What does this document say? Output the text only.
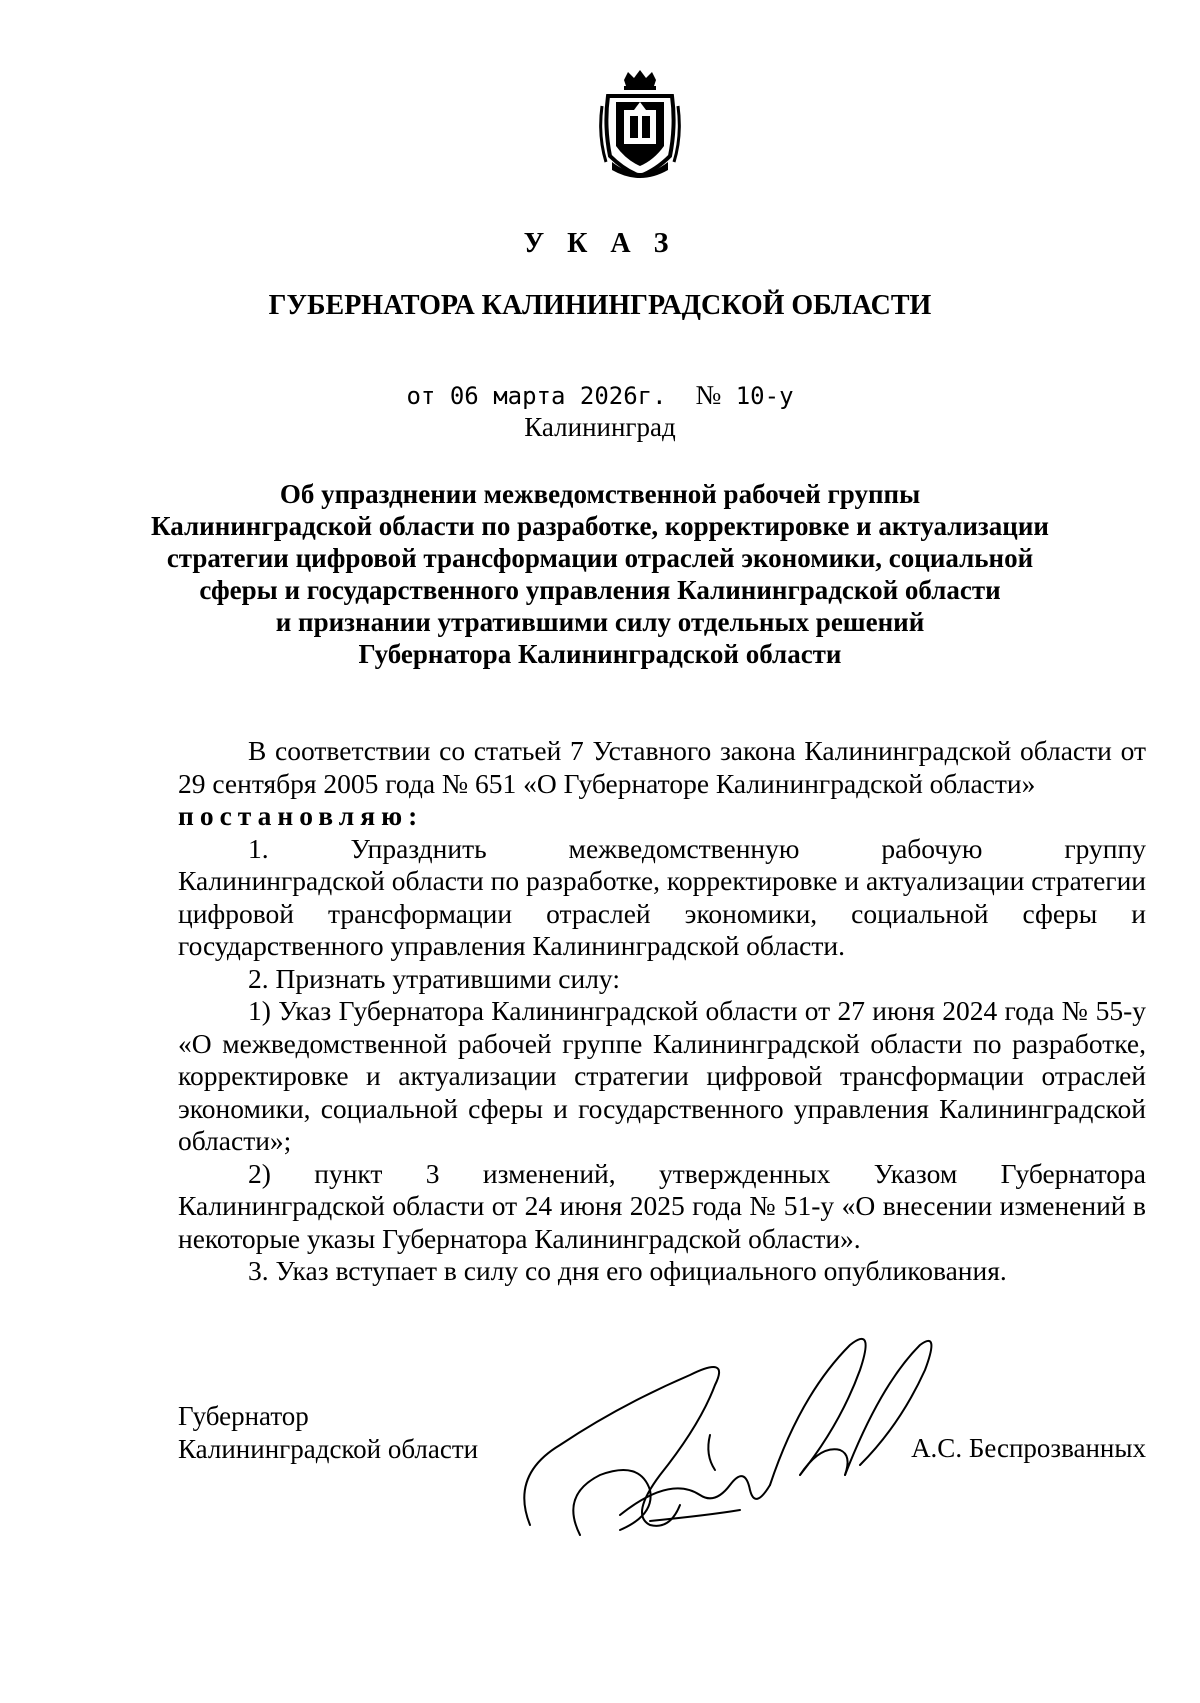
У К А З
ГУБЕРНАТОРА КАЛИНИНГРАДСКОЙ ОБЛАСТИ
от 06 марта 2026г. № 10-у
Калининград
Об упразднении межведомственной рабочей группы
Калининградской области по разработке, корректировке и актуализации
стратегии цифровой трансформации отраслей экономики, социальной
сферы и государственного управления Калининградской области
и признании утратившими силу отдельных решений
Губернатора Калининградской области

В соответствии со статьей 7 Уставного закона Калининградской области от 29 сентября 2005 года № 651 «О Губернаторе Калининградской области»

постановляю:

1. Упразднить межведомственную рабочую группу

Калининградской области по разработке, корректировке и актуализации стратегии цифровой трансформации отраслей экономики, социальной сферы и государственного управления Калининградской области.

2. Признать утратившими силу:

1) Указ Губернатора Калининградской области от 27 июня 2024 года № 55-у «О межведомственной рабочей группе Калининградской области по разработке, корректировке и актуализации стратегии цифровой трансформации отраслей экономики, социальной сферы и государственного управления Калининградской области»;

2) пункт 3 изменений, утвержденных Указом Губернатора

Калининградской области от 24 июня 2025 года № 51-у «О внесении изменений в некоторые указы Губернатора Калининградской области».

3. Указ вступает в силу со дня его официального опубликования.

Губернатор
Калининградской области	А.С. Беспрозванных
